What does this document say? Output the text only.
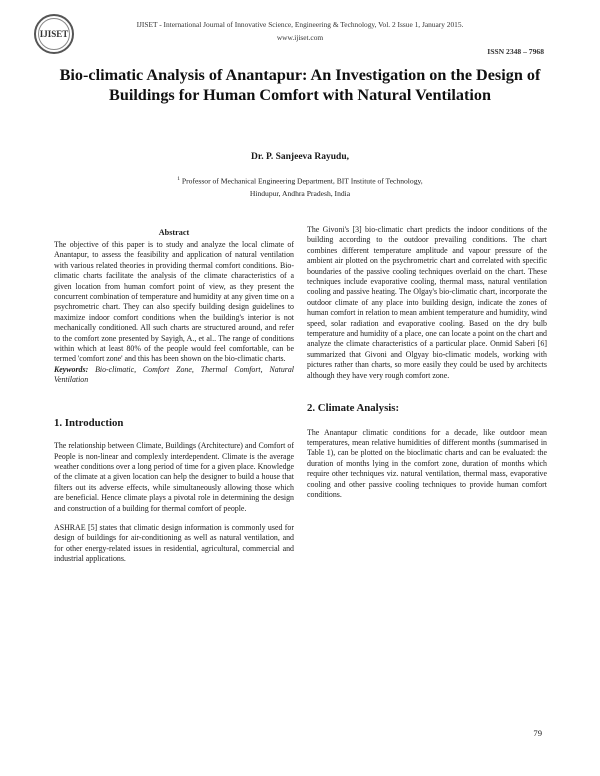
IJISET
IJISET - International Journal of Innovative Science, Engineering & Technology, Vol. 2 Issue 1, January 2015.
www.ijiset.com
ISSN 2348 – 7968
Bio-climatic Analysis of Anantapur: An Investigation on the Design of Buildings for Human Comfort with Natural Ventilation
Dr. P. Sanjeeva Rayudu,
$^1$ Professor of Mechanical Engineering Department, BIT Institute of Technology,
Hindupur, Andhra Pradesh, India
Abstract

The objective of this paper is to study and analyze the local climate of Anantapur, to assess the feasibility and application of natural ventilation with various related theories in providing thermal comfort conditions. Bio-climatic charts facilitate the analysis of the climate characteristics of a given location from human comfort point of view, as they present the concurrent combination of temperature and humidity at any given time on a psychrometric chart. They can also specify building design guidelines to maximize indoor comfort conditions when the building's interior is not mechanically conditioned. All such charts are structured around, and refer to the comfort zone presented by Sayigh, A., et al.. The range of conditions within which at least 80% of the people would feel comfortable, can be termed 'comfort zone' and this has been shown on the bio-climatic charts.

Keywords: Bio-climatic, Comfort Zone, Thermal Comfort, Natural Ventilation

1. Introduction

The relationship between Climate, Buildings (Architecture) and Comfort of People is non-linear and complexly interdependent. Climate is the average weather conditions over a long period of time for a given place. Knowledge of the climate at a given location can help the designer to build a house that filters out its adverse effects, while simultaneously allowing those which are beneficial. Hence climate plays a pivotal role in determining the design and construction of a building for thermal comfort of people.

ASHRAE [5] states that climatic design information is commonly used for design of buildings for air-conditioning as well as natural ventilation, and for other energy-related issues in residential, agricultural, commercial and industrial applications.

The Givoni's [3] bio-climatic chart predicts the indoor conditions of the building according to the outdoor prevailing conditions. The chart combines different temperature amplitude and vapour pressure of the ambient air plotted on the psychrometric chart and correlated with specific boundaries of the passive cooling techniques overlaid on the chart. These techniques include evaporative cooling, thermal mass, natural ventilation cooling and passive heating. The Olgay's bio-climatic chart, incorporate the outdoor climate of any place into building design, indicate the zones of human comfort in relation to mean ambient temperature and humidity, wind speed, solar radiation and evaporative cooling. Based on the dry bulb temperature and humidity of a place, one can locate a point on the chart and analyze the climate characteristics of a particular place. Onmid Saberi [6] summarized that Givoni and Olgyay bio-climatic models, working with pictures rather than charts, so more easily they could be used by architects although they have very rough comfort zone.

2. Climate Analysis:

The Anantapur climatic conditions for a decade, like outdoor mean temperatures, mean relative humidities of different months (summarised in Table 1), can be plotted on the bioclimatic charts and can be evaluated: the duration of months lying in the comfort zone, duration of months which require other techniques viz. natural ventilation, thermal mass, evaporative cooling and other passive cooling techniques to provide human comfort conditions.

79
